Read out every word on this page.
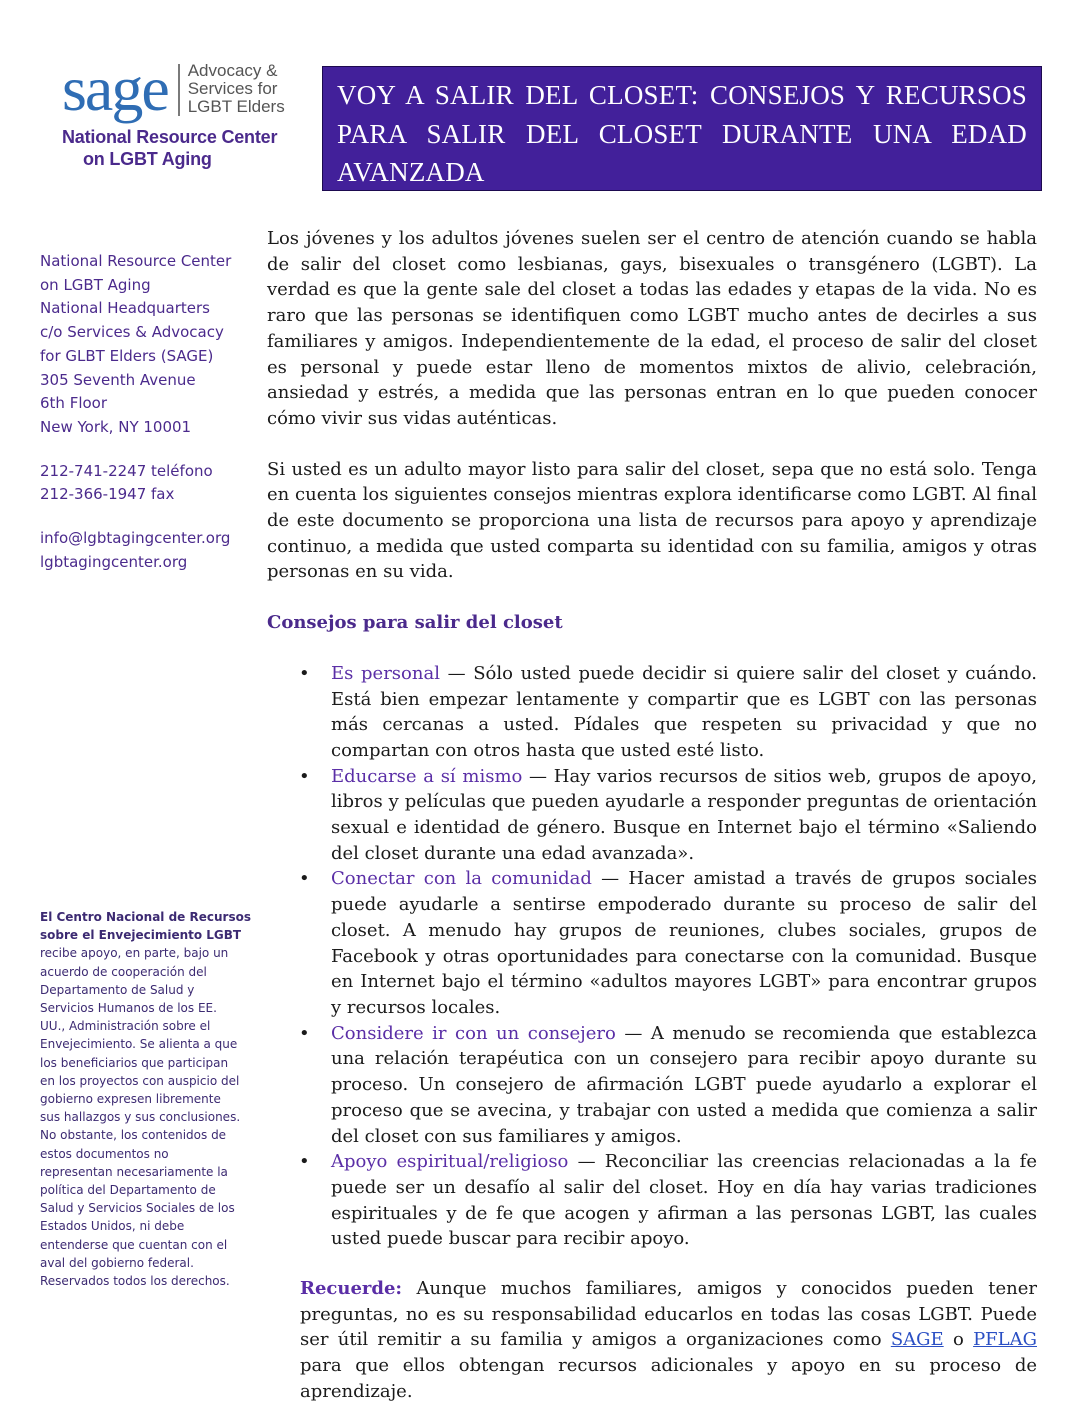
sage Advocacy &
Services for
LGBT Elders
National Resource Center
on LGBT Aging
VOY A SALIR DEL CLOSET: CONSEJOS Y RECURSOS PARA SALIR DEL CLOSET DURANTE UNA EDAD AVANZADA
National Resource Center
on LGBT Aging
National Headquarters
c/o Services & Advocacy
for GLBT Elders (SAGE)
305 Seventh Avenue
6th Floor
New York, NY 10001
212-741-2247 teléfono
212-366-1947 fax
info@lgbtagingcenter.org
lgbtagingcenter.org
El Centro Nacional de Recursos
sobre el Envejecimiento LGBT
recibe apoyo, en parte, bajo un
acuerdo de cooperación del
Departamento de Salud y
Servicios Humanos de los EE.
UU., Administración sobre el
Envejecimiento. Se alienta a que
los beneficiarios que participan
en los proyectos con auspicio del
gobierno expresen libremente
sus hallazgos y sus conclusiones.
No obstante, los contenidos de
estos documentos no
representan necesariamente la
política del Departamento de
Salud y Servicios Sociales de los
Estados Unidos, ni debe
entenderse que cuentan con el
aval del gobierno federal.
Reservados todos los derechos.

Los jóvenes y los adultos jóvenes suelen ser el centro de atención cuando se habla de salir del closet como lesbianas, gays, bisexuales o transgénero (LGBT). La verdad es que la gente sale del closet a todas las edades y etapas de la vida. No es raro que las personas se identifiquen como LGBT mucho antes de decirles a sus familiares y amigos. Independientemente de la edad, el proceso de salir del closet es personal y puede estar lleno de momentos mixtos de alivio, celebración, ansiedad y estrés, a medida que las personas entran en lo que pueden conocer cómo vivir sus vidas auténticas.

Si usted es un adulto mayor listo para salir del closet, sepa que no está solo. Tenga en cuenta los siguientes consejos mientras explora identificarse como LGBT. Al final de este documento se proporciona una lista de recursos para apoyo y aprendizaje continuo, a medida que usted comparta su identidad con su familia, amigos y otras personas en su vida.

Consejos para salir del closet
• Es personal — Sólo usted puede decidir si quiere salir del closet y cuándo. Está bien empezar lentamente y compartir que es LGBT con las personas más cercanas a usted. Pídales que respeten su privacidad y que no compartan con otros hasta que usted esté listo.
• Educarse a sí mismo — Hay varios recursos de sitios web, grupos de apoyo, libros y películas que pueden ayudarle a responder preguntas de orientación sexual e identidad de género. Busque en Internet bajo el término «Saliendo del closet durante una edad avanzada».
• Conectar con la comunidad — Hacer amistad a través de grupos sociales puede ayudarle a sentirse empoderado durante su proceso de salir del closet. A menudo hay grupos de reuniones, clubes sociales, grupos de Facebook y otras oportunidades para conectarse con la comunidad. Busque en Internet bajo el término «adultos mayores LGBT» para encontrar grupos y recursos locales.
• Considere ir con un consejero — A menudo se recomienda que establezca una relación terapéutica con un consejero para recibir apoyo durante su proceso. Un consejero de afirmación LGBT puede ayudarlo a explorar el proceso que se avecina, y trabajar con usted a medida que comienza a salir del closet con sus familiares y amigos.
• Apoyo espiritual/religioso — Reconciliar las creencias relacionadas a la fe puede ser un desafío al salir del closet. Hoy en día hay varias tradiciones espirituales y de fe que acogen y afirman a las personas LGBT, las cuales usted puede buscar para recibir apoyo.

Recuerde: Aunque muchos familiares, amigos y conocidos pueden tener preguntas, no es su responsabilidad educarlos en todas las cosas LGBT. Puede ser útil remitir a su familia y amigos a organizaciones como SAGE o PFLAG para que ellos obtengan recursos adicionales y apoyo en su proceso de aprendizaje.
